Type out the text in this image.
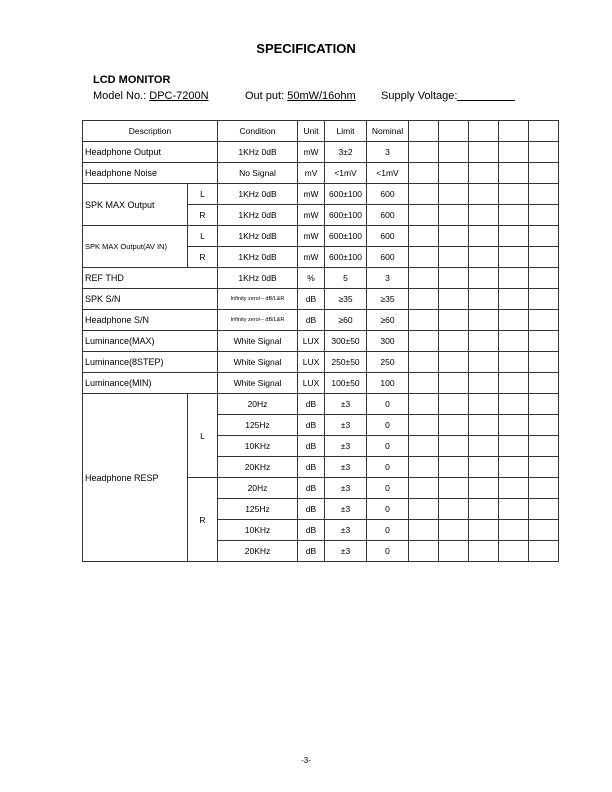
SPECIFICATION
LCD MONITOR
Model No.: DPC-7200N	Out put: 50mW/16ohm Supply Voltage:
Description		Condition	Unit	Limit	Nominal					
Headphone Output		1KHz 0dB	mW	3±2	3					
Headphone Noise		No Signal	mV	<1mV	<1mV					
SPK MAX Output	L	1KHz 0dB	mW	600±100	600					
	R	1KHz 0dB	mW	600±100	600					
SPK MAX Output(AV IN)	L	1KHz 0dB	mW	600±100	600					
	R	1KHz 0dB	mW	600±100	600					
REF THD		1KHz 0dB	%	5	3					
SPK S/N		Infinity zero/-- dB/L&R	dB	≥35	≥35					
Headphone S/N		Infinity zero/-- dB/L&R	dB	≥60	≥60					
Luminance(MAX)		White Signal	LUX	300±50	300					
Luminance(8STEP)		White Signal	LUX	250±50	250					
Luminance(MIN)		White Signal	LUX	100±50	100					
Headphone RESP	L	20Hz	dB	±3	0					
		125Hz	dB	±3	0					
		10KHz	dB	±3	0					
		20KHz	dB	±3	0					
	R	20Hz	dB	±3	0					
		125Hz	dB	±3	0					
		10KHz	dB	±3	0					
		20KHz	dB	±3	0					
-3-
